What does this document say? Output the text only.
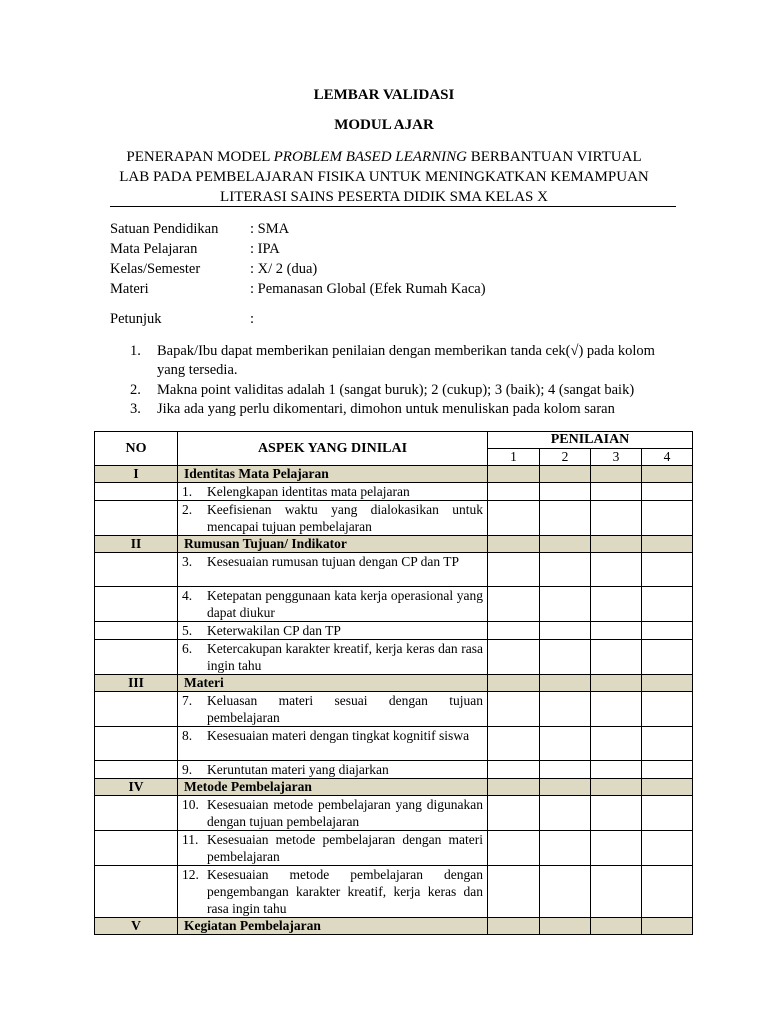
LEMBAR VALIDASI
MODUL AJAR
PENERAPAN MODEL PROBLEM BASED LEARNING BERBANTUAN VIRTUAL
LAB PADA PEMBELAJARAN FISIKA UNTUK MENINGKATKAN KEMAMPUAN
LITERASI SAINS PESERTA DIDIK SMA KELAS X
Satuan Pendidikan : SMA
Mata Pelajaran	: IPA
Kelas/Semester	: X/ 2 (dua)
Materi	: Pemanasan Global (Efek Rumah Kaca)
Petunjuk	:
1. Bapak/Ibu dapat memberikan penilaian dengan memberikan tanda cek(√) pada kolom yang tersedia.
2. Makna point validitas adalah 1 (sangat buruk); 2 (cukup); 3 (baik); 4 (sangat baik)
3. Jika ada yang perlu dikomentari, dimohon untuk menuliskan pada kolom saran
NO	ASPEK YANG DINILAI	PENILAIAN			
		1	2	3	4
I	Identitas Mata Pelajaran				

	1. Kelengkapan identitas mata pelajaran				

	2. Keefisienan waktu yang dialokasikan untuk mencapai tujuan pembelajaran				

II	Rumusan Tujuan/ Indikator				

	3. Kesesuaian rumusan tujuan dengan CP dan TP				

	4. Ketepatan penggunaan kata kerja operasional yang dapat diukur				

	5. Keterwakilan CP dan TP				

	6. Ketercakupan karakter kreatif, kerja keras dan rasa ingin tahu				

III	Materi				

	7. Keluasan materi sesuai dengan tujuan pembelajaran				

	8. Kesesuaian materi dengan tingkat kognitif siswa				

	9. Keruntutan materi yang diajarkan				

IV	Metode Pembelajaran				

	10. Kesesuaian metode pembelajaran yang digunakan dengan tujuan pembelajaran				

	11. Kesesuaian metode pembelajaran dengan materi pembelajaran				

	12. Kesesuaian metode pembelajaran dengan pengembangan karakter kreatif, kerja keras dan rasa ingin tahu				

V	Kegiatan Pembelajaran				
